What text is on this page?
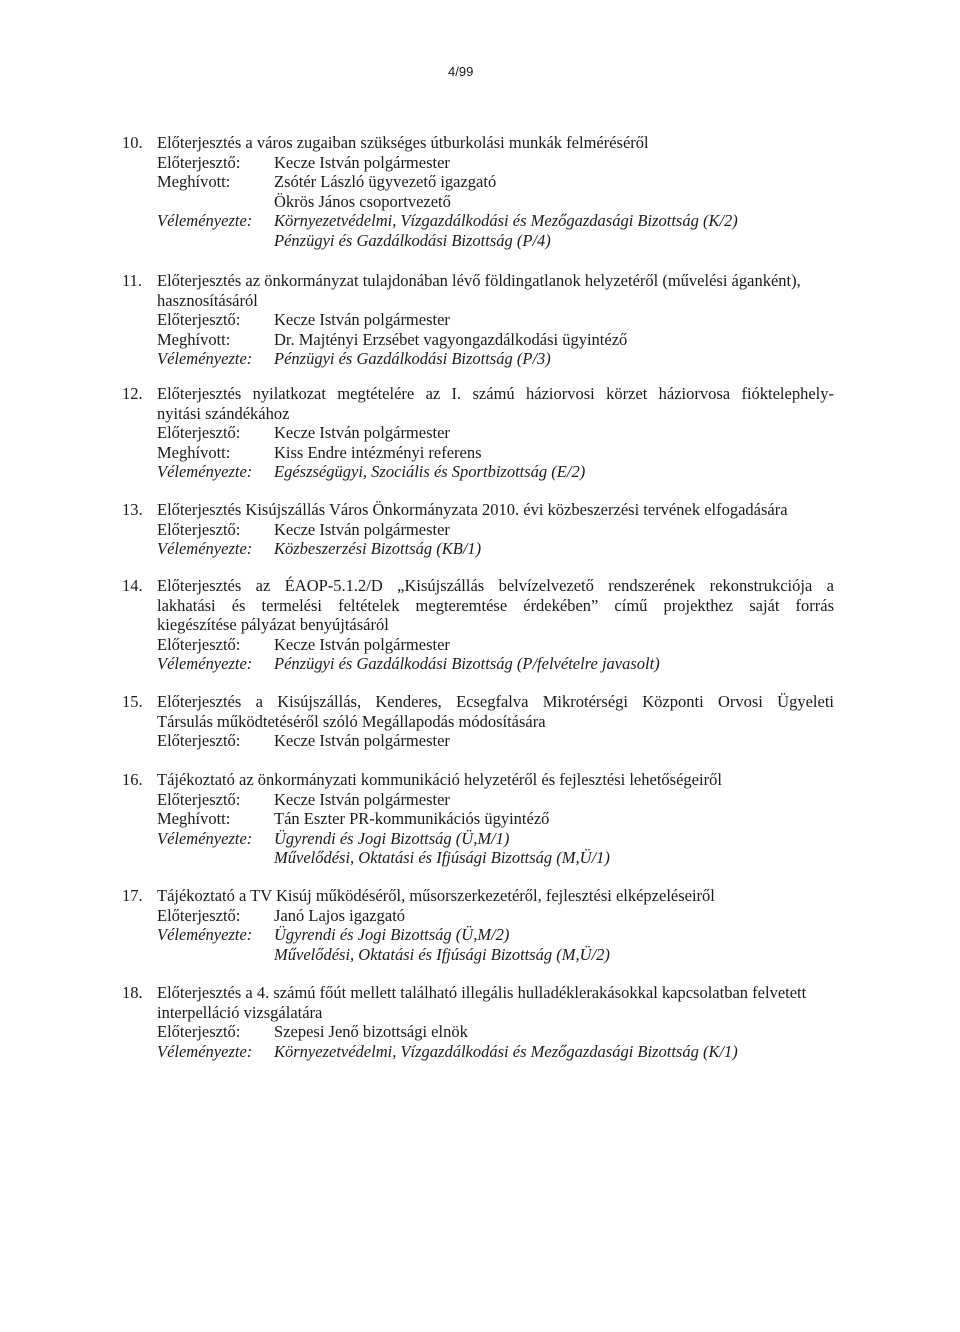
4/99
10. Előterjesztés a város zugaiban szükséges útburkolási munkák felméréséről
Előterjesztő:	Kecze István polgármester
Meghívott:	Zsótér László ügyvezető igazgató
Ökrös János csoportvezető
Véleményezte:	Környezetvédelmi, Vízgazdálkodási és Mezőgazdasági Bizottság (K/2)
Pénzügyi és Gazdálkodási Bizottság (P/4)
11. Előterjesztés az önkormányzat tulajdonában lévő földingatlanok helyzetéről (művelési áganként),
hasznosításáról
Előterjesztő:	Kecze István polgármester
Meghívott:	Dr. Majtényi Erzsébet vagyongazdálkodási ügyintéző
Véleményezte:	Pénzügyi és Gazdálkodási Bizottság (P/3)
12. Előterjesztés nyilatkozat megtételére az I. számú háziorvosi körzet háziorvosa fióktelephely-
nyitási szándékához
Előterjesztő:	Kecze István polgármester
Meghívott:	Kiss Endre intézményi referens
Véleményezte:	Egészségügyi, Szociális és Sportbizottság (E/2)
13. Előterjesztés Kisújszállás Város Önkormányzata 2010. évi közbeszerzési tervének elfogadására
Előterjesztő:	Kecze István polgármester
Véleményezte:	Közbeszerzési Bizottság (KB/1)
14. Előterjesztés az ÉAOP-5.1.2/D „Kisújszállás belvízelvezető rendszerének rekonstrukciója a
lakhatási és termelési feltételek megteremtése érdekében” című projekthez saját forrás
kiegészítése pályázat benyújtásáról
Előterjesztő:	Kecze István polgármester
Véleményezte:	Pénzügyi és Gazdálkodási Bizottság (P/felvételre javasolt)
15. Előterjesztés a Kisújszállás, Kenderes, Ecsegfalva Mikrotérségi Központi Orvosi Ügyeleti
Társulás működtetéséről szóló Megállapodás módosítására
Előterjesztő:	Kecze István polgármester
16. Tájékoztató az önkormányzati kommunikáció helyzetéről és fejlesztési lehetőségeiről
Előterjesztő:	Kecze István polgármester
Meghívott:	Tán Eszter PR-kommunikációs ügyintéző
Véleményezte:	Ügyrendi és Jogi Bizottság (Ü,M/1)
Művelődési, Oktatási és Ifjúsági Bizottság (M,Ü/1)
17. Tájékoztató a TV Kisúj működéséről, műsorszerkezetéről, fejlesztési elképzeléseiről
Előterjesztő:	Janó Lajos igazgató
Véleményezte:	Ügyrendi és Jogi Bizottság (Ü,M/2)
Művelődési, Oktatási és Ifjúsági Bizottság (M,Ü/2)
18. Előterjesztés a 4. számú főút mellett található illegális hulladéklerakásokkal kapcsolatban felvetett
interpelláció vizsgálatára
Előterjesztő:	Szepesi Jenő bizottsági elnök
Véleményezte:	Környezetvédelmi, Vízgazdálkodási és Mezőgazdasági Bizottság (K/1)
